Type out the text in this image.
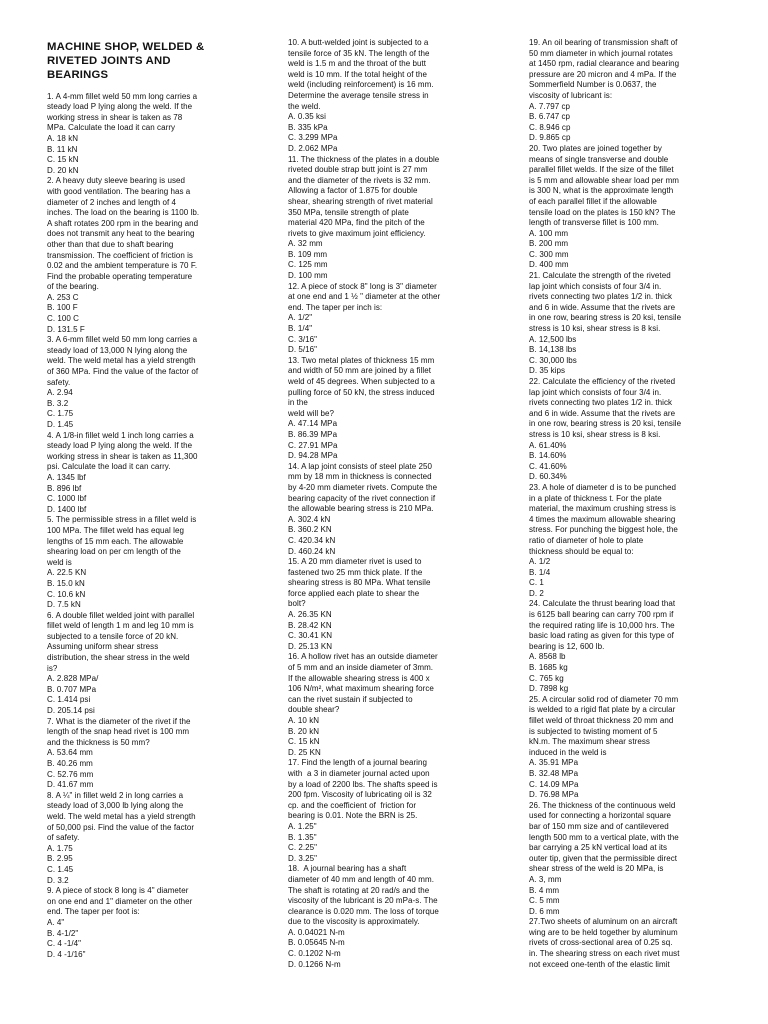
MACHINE SHOP, WELDED &
RIVETED JOINTS AND
BEARINGS
1. A 4-mm fillet weld 50 mm long carries a
steady load P lying along the weld. If the
working stress in shear is taken as 78
MPa. Calculate the load it can carry
A. 18 kN
B. 11 kN
C. 15 kN
D. 20 kN
2. A heavy duty sleeve bearing is used
with good ventilation. The bearing has a
diameter of 2 inches and length of 4
inches. The load on the bearing is 1100 lb.
A shaft rotates 200 rpm in the bearing and
does not transmit any heat to the bearing
other than that due to shaft bearing
transmission. The coefficient of friction is
0.02 and the ambient temperature is 70 F.
Find the probable operating temperature
of the bearing.
A. 253 C
B. 100 F
C. 100 C
D. 131.5 F
3. A 6-mm fillet weld 50 mm long carries a
steady load of 13,000 N lying along the
weld. The weld metal has a yield strength
of 360 MPa. Find the value of the factor of
safety.
A. 2.94
B. 3.2
C. 1.75
D. 1.45
4. A 1/8-in fillet weld 1 inch long carries a
steady load P lying along the weld. If the
working stress in shear is taken as 11,300
psi. Calculate the load it can carry.
A. 1345 lbf
B. 896 lbf
C. 1000 lbf
D. 1400 lbf
5. The permissible stress in a fillet weld is
100 MPa. The fillet weld has equal leg
lengths of 15 mm each. The allowable
shearing load on per cm length of the
weld is
A. 22.5 KN
B. 15.0 kN
C. 10.6 kN
D. 7.5 kN
6. A double fillet welded joint with parallel
fillet weld of length 1 m and leg 10 mm is
subjected to a tensile force of 20 kN.
Assuming uniform shear stress
distribution, the shear stress in the weld
is?
A. 2.828 MPa/
B. 0.707 MPa
C. 1.414 psi
D. 205.14 psi
7. What is the diameter of the rivet if the
length of the snap head rivet is 100 mm
and the thickness is 50 mm?
A. 53.64 mm
B. 40.26 mm
C. 52.76 mm
D. 41.67 mm
8. A ¼" in fillet weld 2 in long carries a
steady load of 3,000 lb lying along the
weld. The weld metal has a yield strength
of 50,000 psi. Find the value of the factor
of safety.
A. 1.75
B. 2.95
C. 1.45
D. 3.2
9. A piece of stock 8 long is 4" diameter
on one end and 1" diameter on the other
end. The taper per foot is:
A. 4"
B. 4-1/2"
C. 4 -1/4"
D. 4 -1/16"
10. A butt-welded joint is subjected to a
tensile force of 35 kN. The length of the
weld is 1.5 m and the throat of the butt
weld is 10 mm. If the total height of the
weld (including reinforcement) is 16 mm.
Determine the average tensile stress in
the weld.
A. 0.35 ksi
B. 335 kPa
C. 3.299 MPa
D. 2.062 MPa
11. The thickness of the plates in a double
riveted double strap butt joint is 27 mm
and the diameter of the rivets is 32 mm.
Allowing a factor of 1.875 for double
shear, shearing strength of rivet material
350 MPa, tensile strength of plate
material 420 MPa, find the pitch of the
rivets to give maximum joint efficiency.
A. 32 mm
B. 109 mm
C. 125 mm
D. 100 mm
12. A piece of stock 8" long is 3" diameter
at one end and 1 ½ " diameter at the other
end. The taper per inch is:
A. 1/2"
B. 1/4"
C. 3/16"
D. 5/16"
13. Two metal plates of thickness 15 mm
and width of 50 mm are joined by a fillet
weld of 45 degrees. When subjected to a
pulling force of 50 kN, the stress induced
in the
weld will be?
A. 47.14 MPa
B. 86.39 MPa
C. 27.91 MPa
D. 94.28 MPa
14. A lap joint consists of steel plate 250
mm by 18 mm in thickness is connected
by 4-20 mm diameter rivets. Compute the
bearing capacity of the rivet connection if
the allowable bearing stress is 210 MPa.
A. 302.4 kN
B. 360.2 KN
C. 420.34 kN
D. 460.24 kN
15. A 20 mm diameter rivet is used to
fastened two 25 mm thick plate. If the
shearing stress is 80 MPa. What tensile
force applied each plate to shear the
bolt?
A. 26.35 KN
B. 28.42 KN
C. 30.41 KN
D. 25.13 KN
16. A hollow rivet has an outside diameter
of 5 mm and an inside diameter of 3mm.
If the allowable shearing stress is 400 x
106 N/m², what maximum shearing force
can the rivet sustain if subjected to
double shear?
A. 10 kN
B. 20 kN
C. 15 kN
D. 25 KN
17. Find the length of a journal bearing
with  a 3 in diameter journal acted upon
by a load of 2200 lbs. The shafts speed is
200 fpm. Viscosity of lubricating oil is 32
cp. and the coefficient of  friction for
bearing is 0.01. Note the BRN is 25.
A. 1.25"
B. 1.35"
C. 2.25"
D. 3.25"
18.  A journal bearing has a shaft
diameter of 40 mm and length of 40 mm.
The shaft is rotating at 20 rad/s and the
viscosity of the lubricant is 20 mPa-s. The
clearance is 0.020 mm. The loss of torque
due to the viscosity is approximately.
A. 0.04021 N-m
B. 0.05645 N-m
C. 0.1202 N-m
D. 0.1266 N-m
19. An oil bearing of transmission shaft of
50 mm diameter in which journal rotates
at 1450 rpm, radial clearance and bearing
pressure are 20 micron and 4 mPa. If the
Sommerfield Number is 0.0637, the
viscosity of lubricant is:
A. 7.797 cp
B. 6.747 cp
C. 8.946 cp
D. 9.865 cp
20. Two plates are joined together by
means of single transverse and double
parallel fillet welds. If the size of the fillet
is 5 mm and allowable shear load per mm
is 300 N, what is the approximate length
of each parallel fillet if the allowable
tensile load on the plates is 150 kN? The
length of transverse fillet is 100 mm.
A. 100 mm
B. 200 mm
C. 300 mm
D. 400 mm
21. Calculate the strength of the riveted
lap joint which consists of four 3/4 in.
rivets connecting two plates 1/2 in. thick
and 6 in wide. Assume that the rivets are
in one row, bearing stress is 20 ksi, tensile
stress is 10 ksi, shear stress is 8 ksi.
A. 12,500 lbs
B. 14,138 lbs
C. 30,000 lbs
D. 35 kips
22. Calculate the efficiency of the riveted
lap joint which consists of four 3/4 in.
rivets connecting two plates 1/2 in. thick
and 6 in wide. Assume that the rivets are
in one row, bearing stress is 20 ksi, tensile
stress is 10 ksi, shear stress is 8 ksi.
A. 61.40%
B. 14.60%
C. 41.60%
D. 60.34%
23. A hole of diameter d is to be punched
in a plate of thickness t. For the plate
material, the maximum crushing stress is
4 times the maximum allowable shearing
stress. For punching the biggest hole, the
ratio of diameter of hole to plate
thickness should be equal to:
A. 1/2
B. 1/4
C. 1
D. 2
24. Calculate the thrust bearing load that
is 6125 ball bearing can carry 700 rpm if
the required rating life is 10,000 hrs. The
basic load rating as given for this type of
bearing is 12, 600 lb.
A. 8568 lb
B. 1685 kg
C. 765 kg
D. 7898 kg
25. A circular solid rod of diameter 70 mm
is welded to a rigid flat plate by a circular
fillet weld of throat thickness 20 mm and
is subjected to twisting moment of 5
kN.m. The maximum shear stress
induced in the weld is
A. 35.91 MPa
B. 32.48 MPa
C. 14.09 MPa
D. 76.98 MPa
26. The thickness of the continuous weld
used for connecting a horizontal square
bar of 150 mm size and of cantilevered
length 500 mm to a vertical plate, with the
bar carrying a 25 kN vertical load at its
outer tip, given that the permissible direct
shear stress of the weld is 20 MPa, is
A. 3, mm
B. 4 mm
C. 5 mm
D. 6 mm
27.Two sheets of aluminum on an aircraft
wing are to be held together by aluminum
rivets of cross-sectional area of 0.25 sq.
in. The shearing stress on each rivet must
not exceed one-tenth of the elastic limit
